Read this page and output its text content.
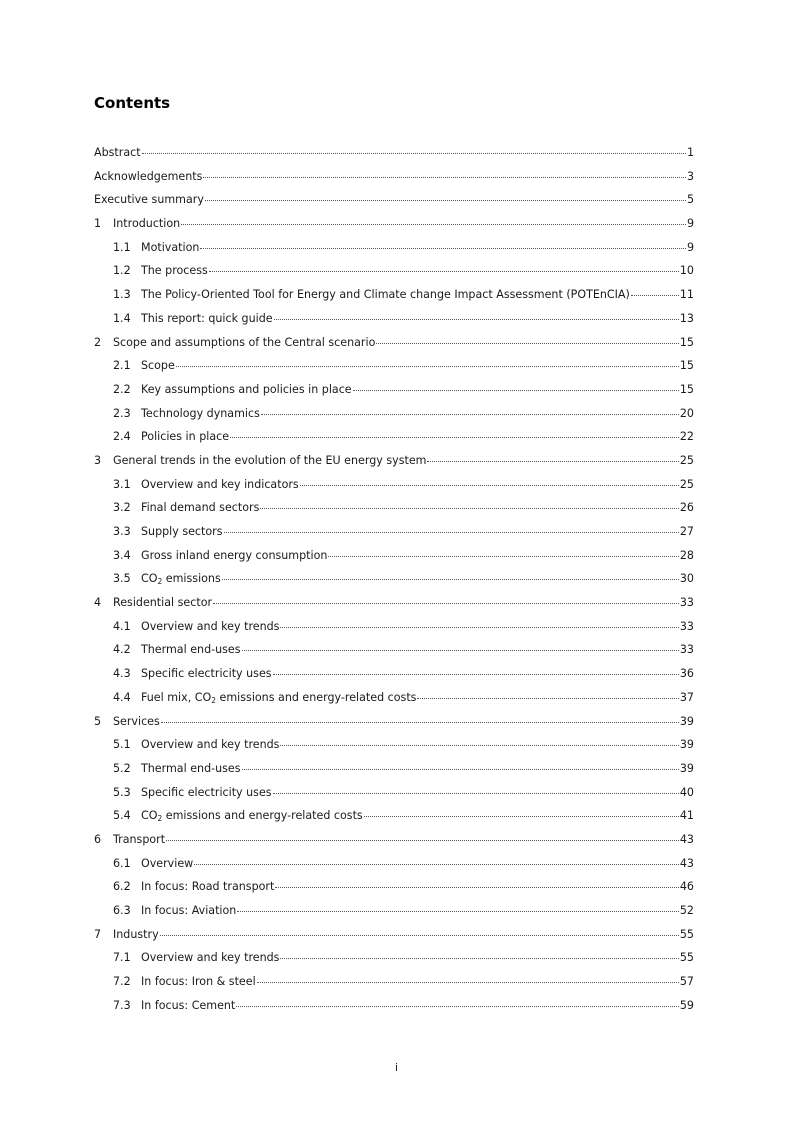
Contents
Abstract	1
Acknowledgements	3
Executive summary	5
1	Introduction	9
1.1 Motivation	9
1.2 The process	10
1.3 The Policy-Oriented Tool for Energy and Climate change Impact Assessment (POTEnCIA)	11
1.4 This report: quick guide	13
2	Scope and assumptions of the Central scenario	15
2.1 Scope	15
2.2 Key assumptions and policies in place	15
2.3 Technology dynamics	20
2.4 Policies in place	22
3	General trends in the evolution of the EU energy system	25
3.1 Overview and key indicators	25
3.2 Final demand sectors	26
3.3 Supply sectors	27
3.4 Gross inland energy consumption	28
3.5 $CO_2$ emissions	30
4	Residential sector	33
4.1 Overview and key trends	33
4.2 Thermal end-uses	33
4.3 Specific electricity uses	36
4.4 Fuel mix, $CO_2$ emissions and energy-related costs	37
5	Services	39
5.1 Overview and key trends	39
5.2 Thermal end-uses	39
5.3 Specific electricity uses	40
5.4 $CO_2$ emissions and energy-related costs	41
6	Transport	43
6.1 Overview	43
6.2 In focus: Road transport	46
6.3 In focus: Aviation	52
7	Industry	55
7.1 Overview and key trends	55
7.2 In focus: Iron & steel	57
7.3 In focus: Cement	59
i
